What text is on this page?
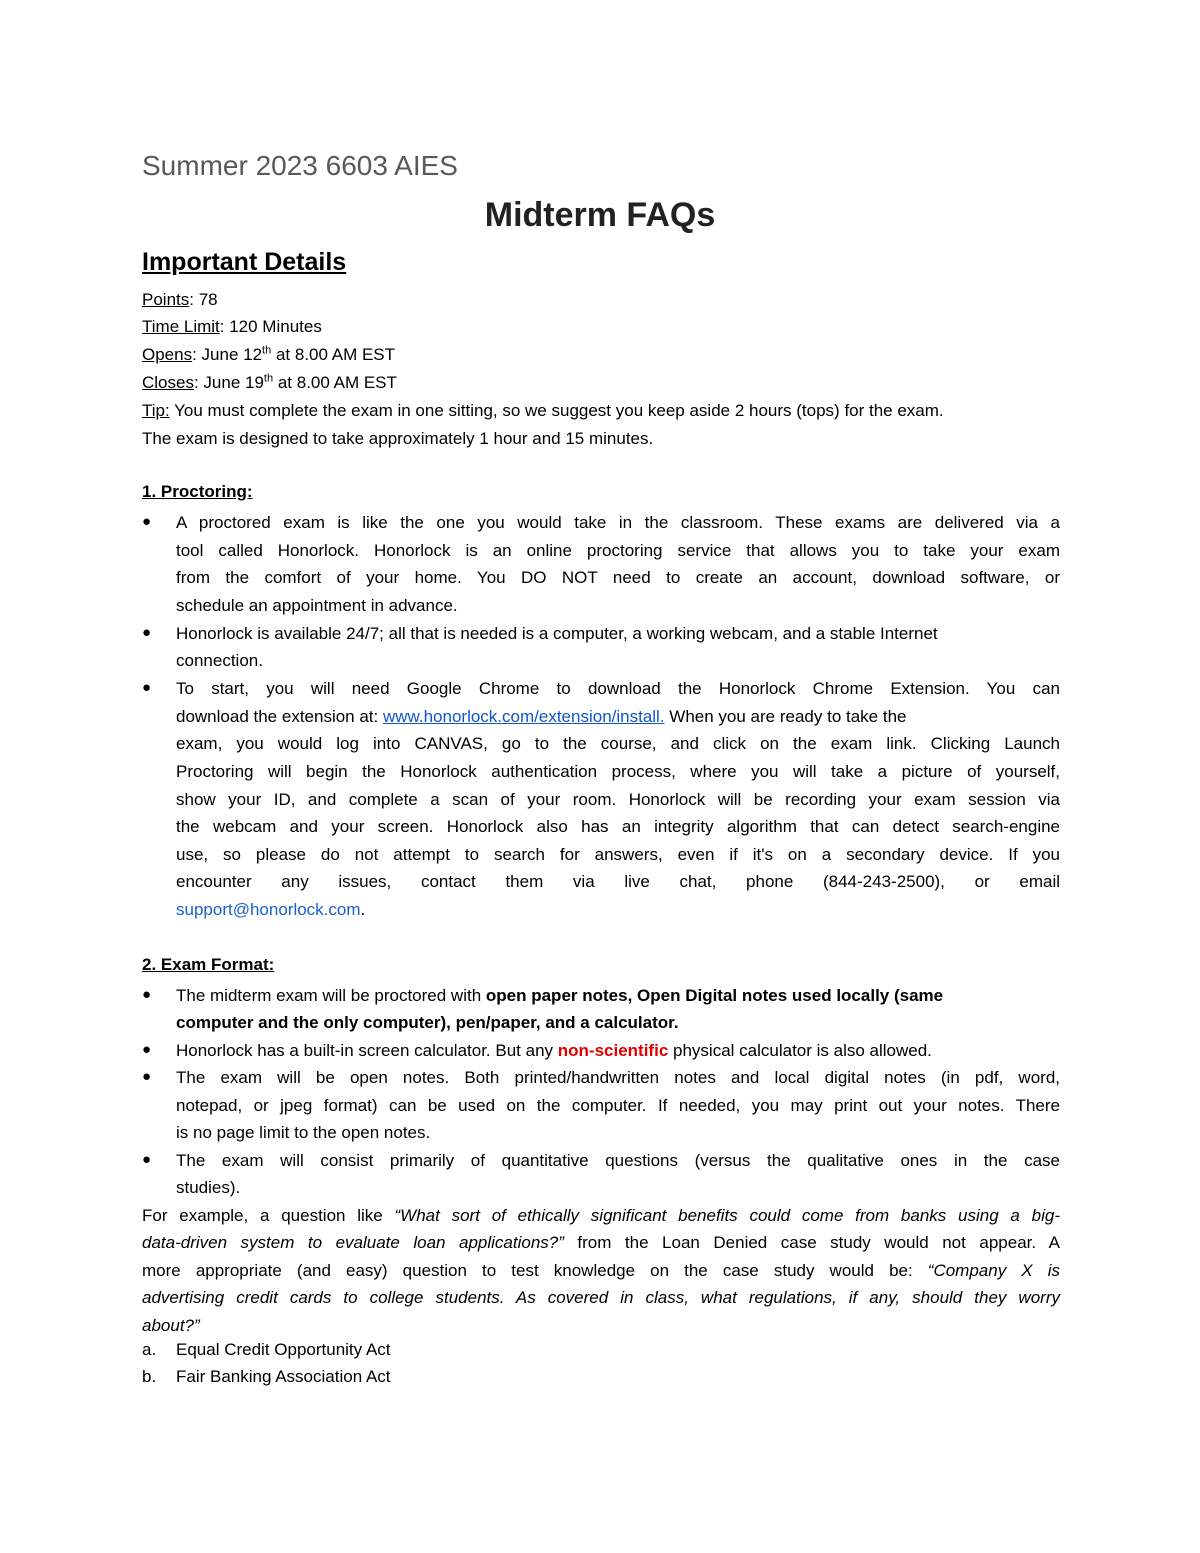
Summer 2023 6603 AIES
Midterm FAQs
Important Details
Points: 78
Time Limit: 120 Minutes
Opens: June 12th at 8.00 AM EST
Closes: June 19th at 8.00 AM EST
Tip: You must complete the exam in one sitting, so we suggest you keep aside 2 hours (tops) for the exam.
The exam is designed to take approximately 1 hour and 15 minutes.
1. Proctoring:
●	A proctored exam is like the one you would take in the classroom. These exams are delivered via a
tool called Honorlock. Honorlock is an online proctoring service that allows you to take your exam
from the comfort of your home. You DO NOT need to create an account, download software, or
schedule an appointment in advance.
●	Honorlock is available 24/7; all that is needed is a computer, a working webcam, and a stable Internet
connection.
●	To start, you will need Google Chrome to download the Honorlock Chrome Extension. You can
download the extension at: www.honorlock.com/extension/install. When you are ready to take the
exam, you would log into CANVAS, go to the course, and click on the exam link. Clicking Launch
Proctoring will begin the Honorlock authentication process, where you will take a picture of yourself,
show your ID, and complete a scan of your room. Honorlock will be recording your exam session via
the webcam and your screen. Honorlock also has an integrity algorithm that can detect search-engine
use, so please do not attempt to search for answers, even if it's on a secondary device. If you
encounter any issues, contact them via live chat, phone (844-243-2500), or email
support@honorlock.com.
2. Exam Format:
●	The midterm exam will be proctored with open paper notes, Open Digital notes used locally (same
computer and the only computer), pen/paper, and a calculator.
●	Honorlock has a built-in screen calculator. But any non-scientific physical calculator is also allowed.
●	The exam will be open notes. Both printed/handwritten notes and local digital notes (in pdf, word,
notepad, or jpeg format) can be used on the computer. If needed, you may print out your notes. There
is no page limit to the open notes.
●	The exam will consist primarily of quantitative questions (versus the qualitative ones in the case
studies).
For example, a question like “What sort of ethically significant benefits could come from banks using a big-
data-driven system to evaluate loan applications?” from the Loan Denied case study would not appear. A
more appropriate (and easy) question to test knowledge on the case study would be: “Company X is
advertising credit cards to college students. As covered in class, what regulations, if any, should they worry
about?”
a. Equal Credit Opportunity Act
b. Fair Banking Association Act
